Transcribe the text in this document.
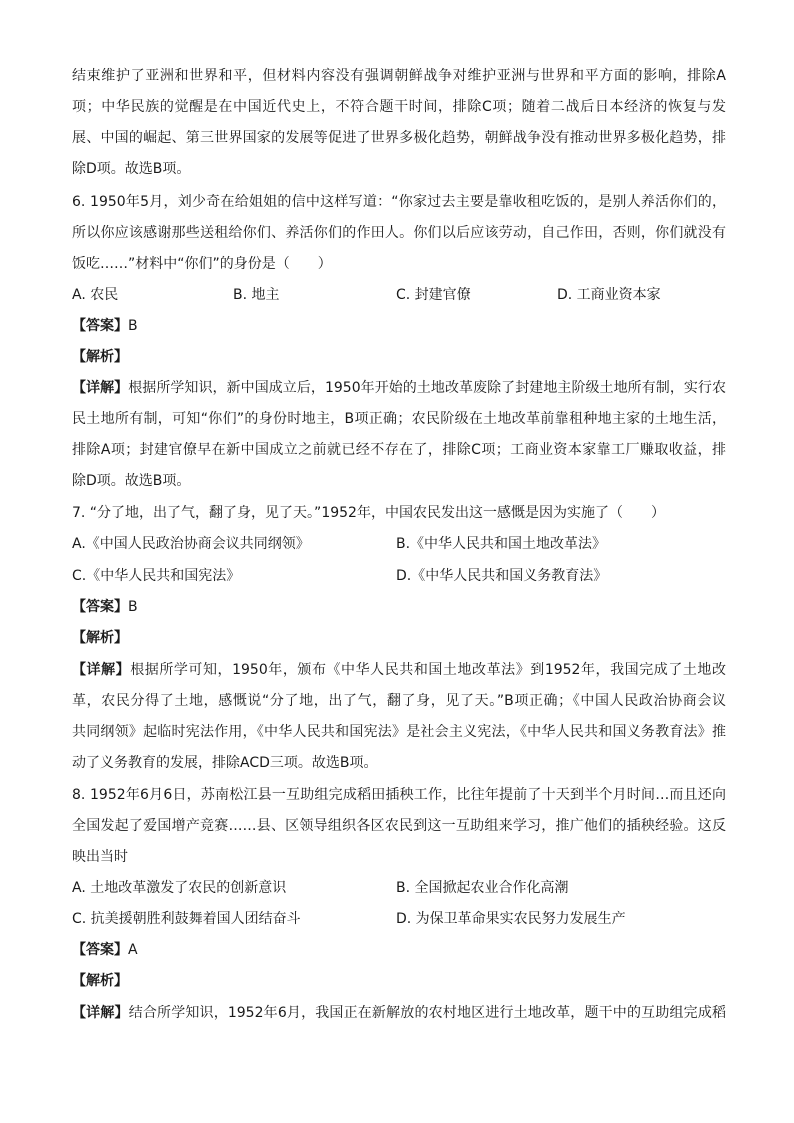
结束维护了亚洲和世界和平，但材料内容没有强调朝鲜战争对维护亚洲与世界和平方面的影响，排除A
项；中华民族的觉醒是在中国近代史上，不符合题干时间，排除C项；随着二战后日本经济的恢复与发
展、中国的崛起、第三世界国家的发展等促进了世界多极化趋势，朝鲜战争没有推动世界多极化趋势，排
除D项。故选B项。
6. 1950年5月，刘少奇在给姐姐的信中这样写道：“你家过去主要是靠收租吃饭的，是别人养活你们的，
所以你应该感谢那些送租给你们、养活你们的作田人。你们以后应该劳动，自己作田，否则，你们就没有
饭吃……”材料中“你们”的身份是（　　）
A. 农民	B. 地主	C. 封建官僚	D. 工商业资本家
【答案】B
【解析】
【详解】根据所学知识，新中国成立后，1950年开始的土地改革废除了封建地主阶级土地所有制，实行农
民土地所有制，可知“你们”的身份时地主，B项正确；农民阶级在土地改革前靠租种地主家的土地生活，
排除A项；封建官僚早在新中国成立之前就已经不存在了，排除C项；工商业资本家靠工厂赚取收益，排
除D项。故选B项。
7. “分了地，出了气，翻了身，见了天。”1952年，中国农民发出这一感慨是因为实施了（　　）
A.《中国人民政治协商会议共同纲领》	B.《中华人民共和国土地改革法》
C.《中华人民共和国宪法》	D.《中华人民共和国义务教育法》
【答案】B
【解析】
【详解】根据所学可知，1950年，颁布《中华人民共和国土地改革法》到1952年，我国完成了土地改
革，农民分得了土地，感慨说“分了地，出了气，翻了身，见了天。”B项正确；《中国人民政治协商会议
共同纲领》起临时宪法作用，《中华人民共和国宪法》是社会主义宪法，《中华人民共和国义务教育法》推
动了义务教育的发展，排除ACD三项。故选B项。
8. 1952年6月6日，苏南松江县一互助组完成稻田插秧工作，比往年提前了十天到半个月时间…而且还向
全国发起了爱国增产竞赛……县、区领导组织各区农民到这一互助组来学习，推广他们的插秧经验。这反
映出当时
A. 土地改革激发了农民的创新意识	B. 全国掀起农业合作化高潮
C. 抗美援朝胜利鼓舞着国人团结奋斗	D. 为保卫革命果实农民努力发展生产
【答案】A
【解析】
【详解】结合所学知识，1952年6月，我国正在新解放的农村地区进行土地改革，题干中的互助组完成稻
